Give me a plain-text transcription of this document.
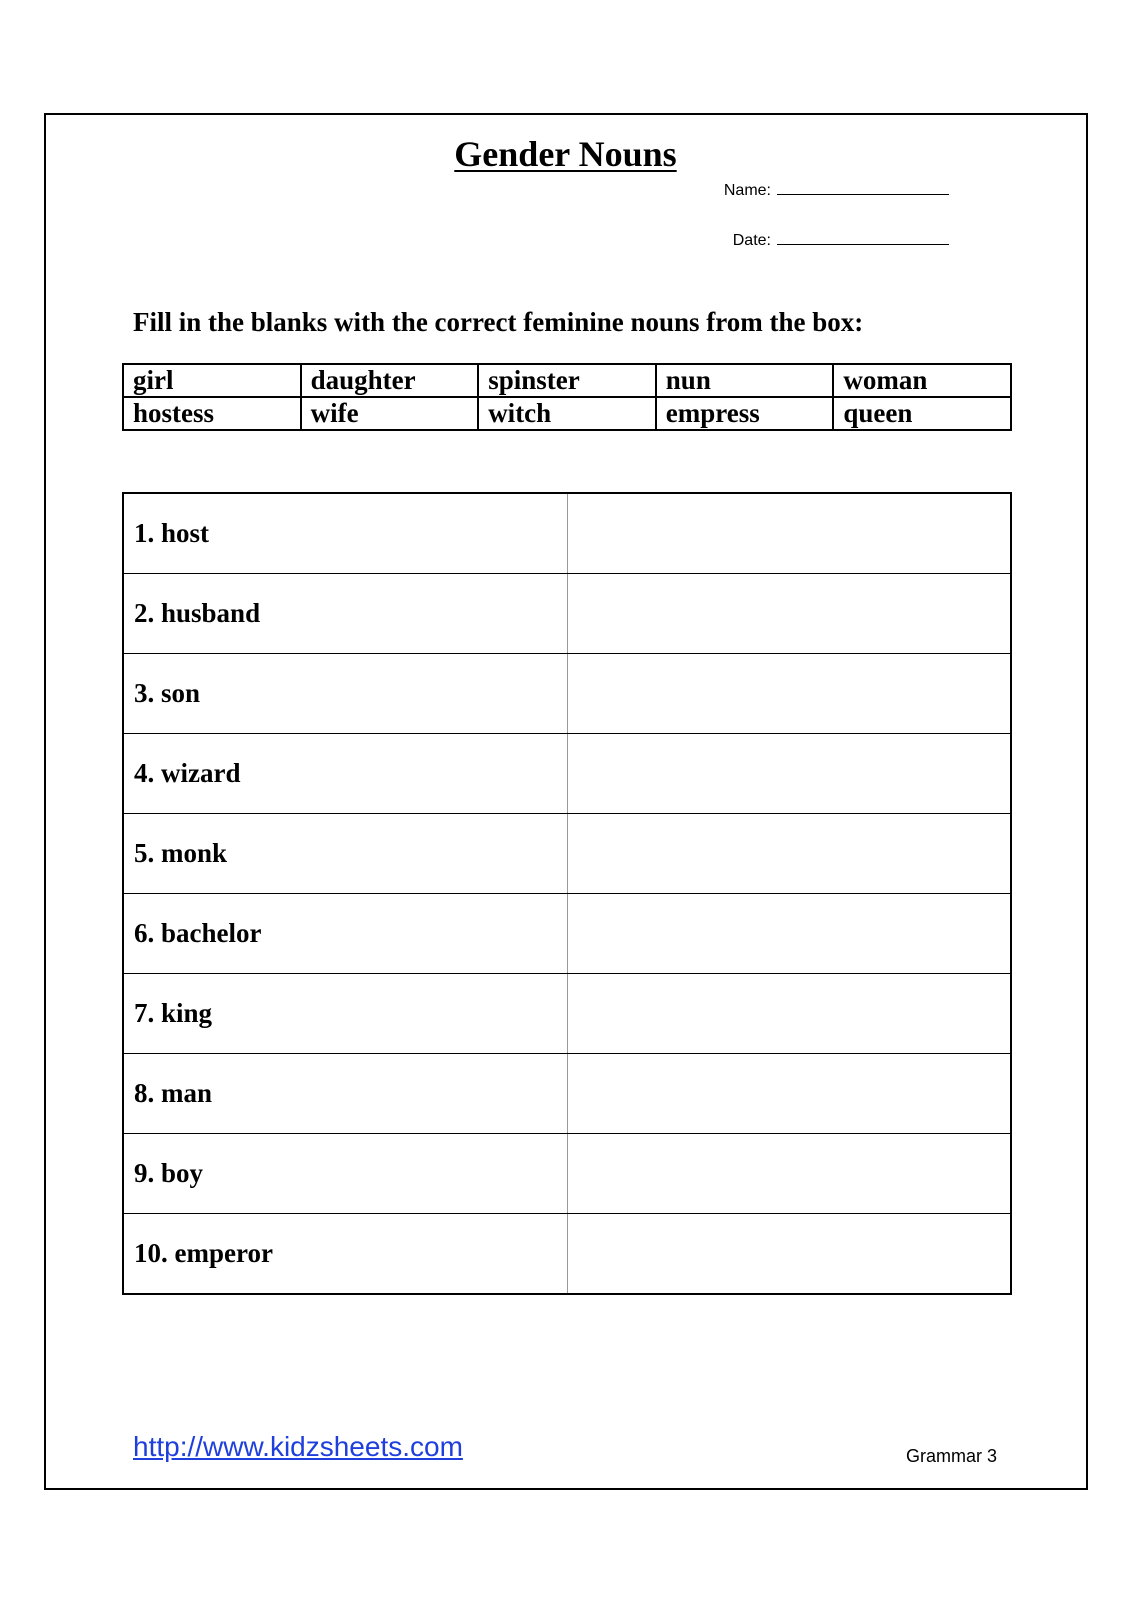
Gender Nouns
Name:
Date:
Fill in the blanks with the correct feminine nouns from the box:
girl	daughter	spinster	nun	woman
hostess	wife	witch	empress	queen
1. host	
2. husband	
3. son	
4. wizard	
5. monk	
6. bachelor	
7. king	
8. man	
9. boy	
10. emperor	
http://www.kidzsheets.com	Grammar 3
